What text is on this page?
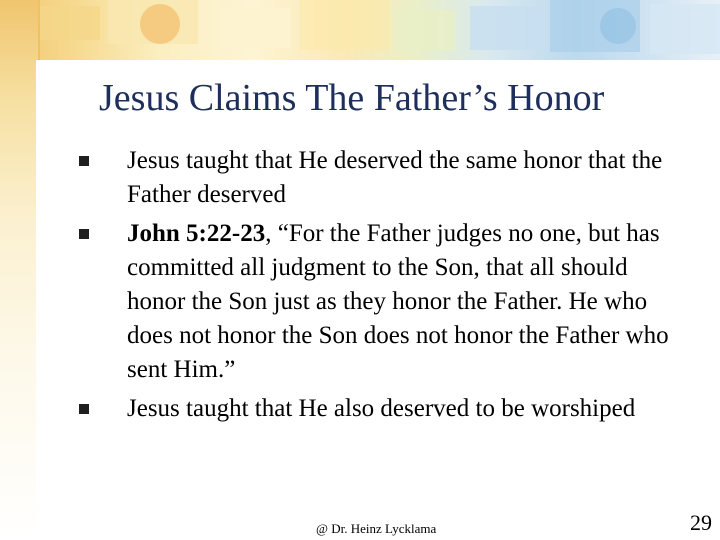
Jesus Claims The Father’s Honor
Jesus taught that He deserved the same honor that the Father deserved
John 5:22-23, “For the Father judges no one, but has committed all judgment to the Son, that all should honor the Son just as they honor the Father. He who does not honor the Son does not honor the Father who sent Him.”
Jesus taught that He also deserved to be worshiped
@ Dr. Heinz Lycklama	29
